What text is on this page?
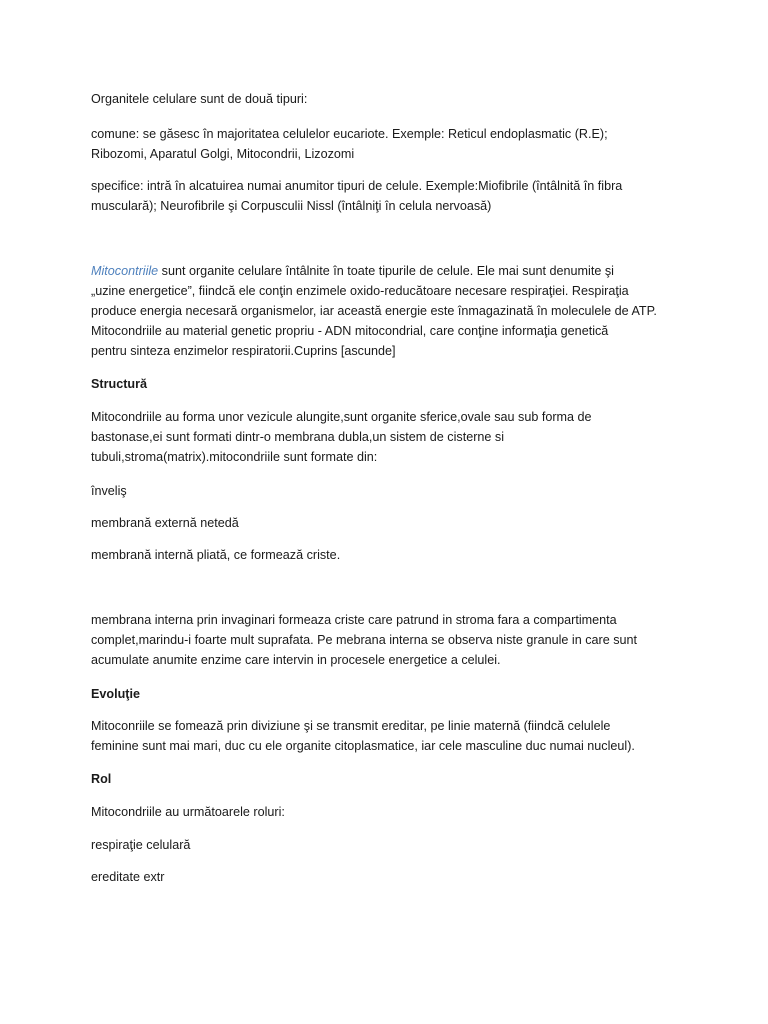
Organitele celulare sunt de două tipuri:
comune: se găsesc în majoritatea celulelor eucariote. Exemple: Reticul endoplasmatic (R.E);
Ribozomi, Aparatul Golgi, Mitocondrii, Lizozomi
specifice: intră în alcatuirea numai anumitor tipuri de celule. Exemple:Miofibrile (întâlnită în fibra
musculară); Neurofibrile şi Corpusculii Nissl (întâlniţi în celula nervoasă)
Mitocontriile sunt organite celulare întâlnite în toate tipurile de celule. Ele mai sunt denumite şi
„uzine energetice”, fiindcă ele conţin enzimele oxido-reducătoare necesare respiraţiei. Respiraţia
produce energia necesară organismelor, iar această energie este înmagazinată în moleculele de ATP.
Mitocondriile au material genetic propriu - ADN mitocondrial, care conţine informaţia genetică
pentru sinteza enzimelor respiratorii.Cuprins [ascunde]
Structură
Mitocondriile au forma unor vezicule alungite,sunt organite sferice,ovale sau sub forma de
bastonase,ei sunt formati dintr-o membrana dubla,un sistem de cisterne si
tubuli,stroma(matrix).mitocondriile sunt formate din:
înveliş
membrană externă netedă
membrană internă pliată, ce formează criste.
membrana interna prin invaginari formeaza criste care patrund in stroma fara a compartimenta
complet,marindu-i foarte mult suprafata. Pe mebrana interna se observa niste granule in care sunt
acumulate anumite enzime care intervin in procesele energetice a celulei.
Evoluţie
Mitoconriile se fomează prin diviziune şi se transmit ereditar, pe linie maternă (fiindcă celulele
feminine sunt mai mari, duc cu ele organite citoplasmatice, iar cele masculine duc numai nucleul).
Rol
Mitocondriile au următoarele roluri:
respiraţie celulară
ereditate extr
